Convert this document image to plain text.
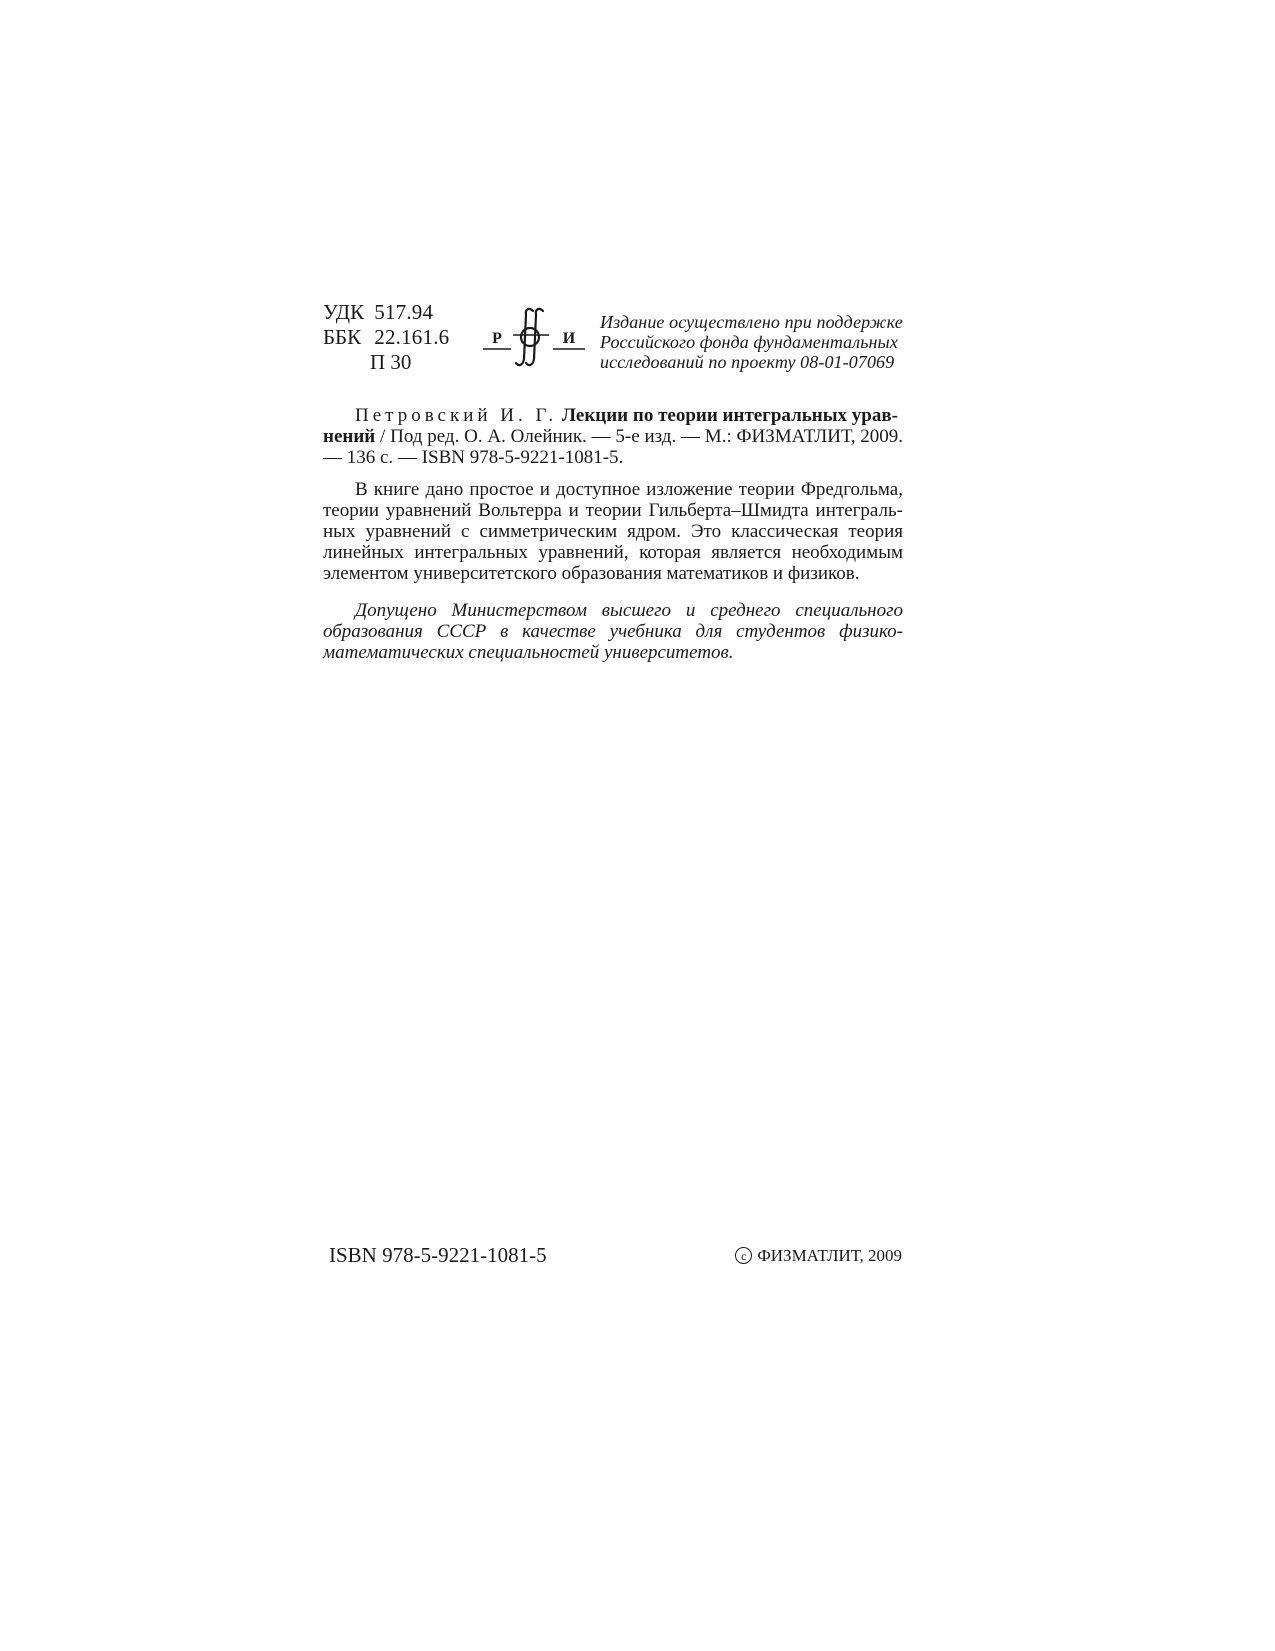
УДК 517.94
ББК 22.161.6
П 30
Р	И
Издание осуществлено при поддержке
Российского фонда фундаментальных
исследований по проекту 08-01-07069
Петровский И. Г. Лекции по теории интегральных урав-
нений / Под ред. О. А. Олейник. — 5-е изд. — М.: ФИЗМАТЛИТ, 2009. — 136 с. — ISBN 978-5-9221-1081-5.
В книге дано простое и доступное изложение теории Фредгольма, теории уравнений Вольтерра и теории Гильберта–Шмидта интеграль-ных уравнений с симметрическим ядром. Это классическая теория линейных интегральных уравнений, которая является необходимым элементом университетского образования математиков и физиков.
Допущено Министерством высшего и среднего специального образования СССР в качестве учебника для студентов физико-математических специальностей университетов.
ISBN 978-5-9221-1081-5	c ФИЗМАТЛИТ, 2009
